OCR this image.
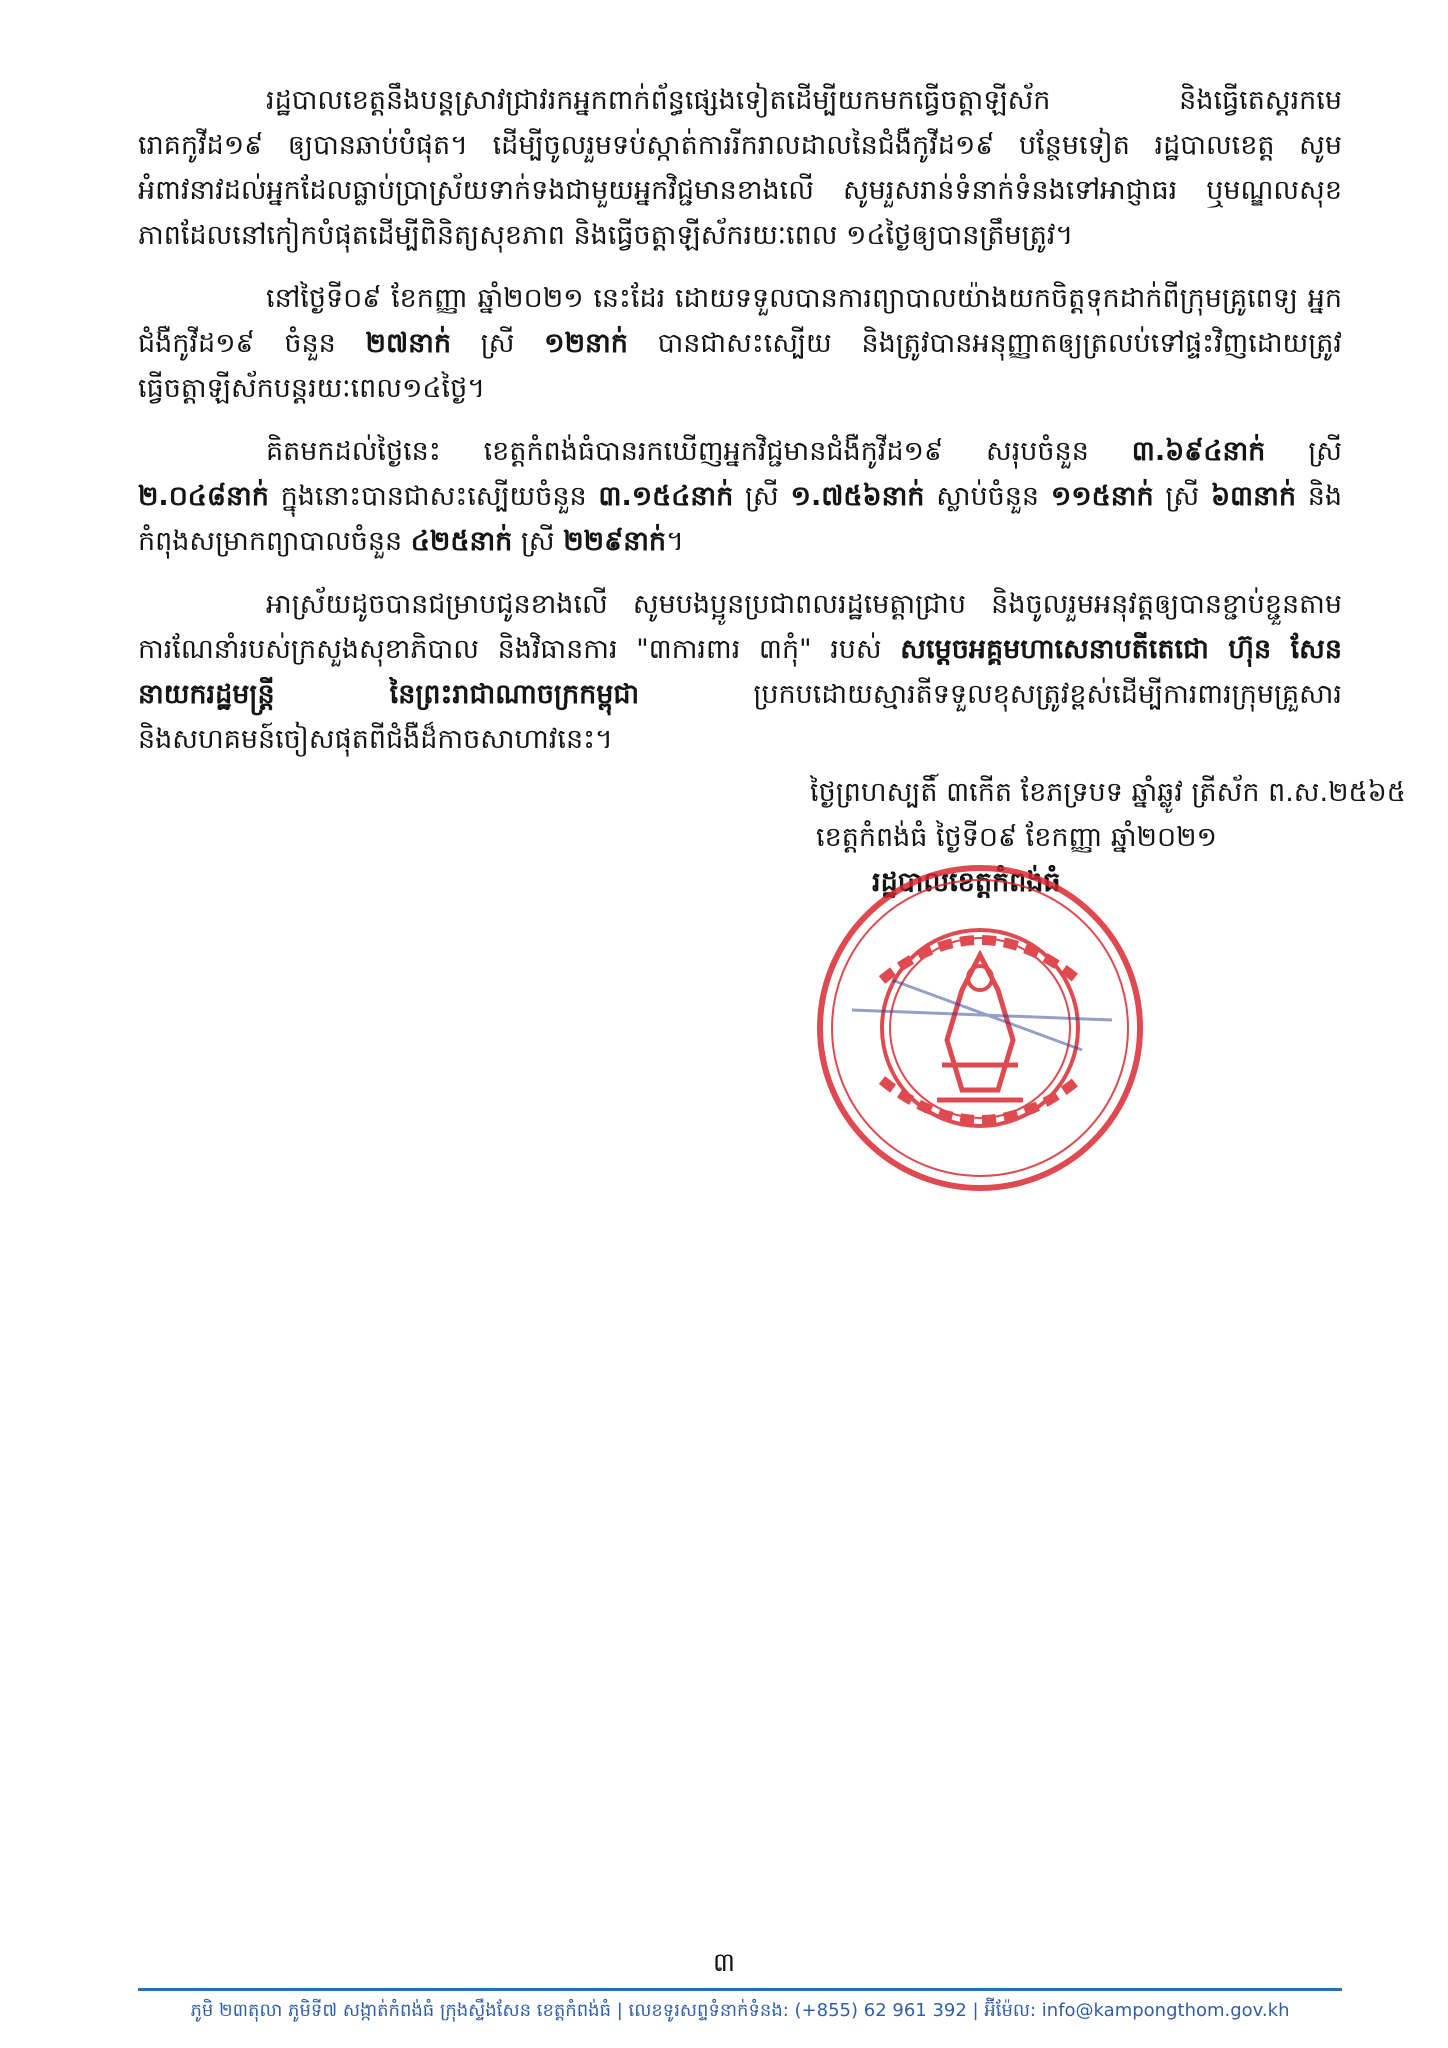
រដ្ឋបាលខេត្តនឹងបន្តស្រាវជ្រាវរកអ្នកពាក់ព័ន្ធផ្សេងទៀតដើម្បីយកមកធ្វើចត្តាឡីស័ក និងធ្វើតេស្តរកមេរោគកូវីដ១៩ ឲ្យបានឆាប់បំផុត។ ដើម្បីចូលរួមទប់ស្កាត់ការរីករាលដាលនៃជំងឺកូវីដ១៩ បន្ថែមទៀត រដ្ឋបាលខេត្ត សូមអំពាវនាវដល់អ្នកដែលធ្លាប់ប្រាស្រ័យទាក់ទងជាមួយអ្នកវិជ្ជមានខាងលើ សូមរួសរាន់ទំនាក់ទំនងទៅអាជ្ញាធរ ឬមណ្ឌលសុខភាពដែលនៅកៀកបំផុតដើម្បីពិនិត្យសុខភាព និងធ្វើចត្តាឡីស័ករយៈពេល ១៤ថ្ងៃឲ្យបានត្រឹមត្រូវ។

នៅថ្ងៃទី០៩ ខែកញ្ញា ឆ្នាំ២០២១ នេះដែរ ដោយទទួលបានការព្យាបាលយ៉ាងយកចិត្តទុកដាក់ពីក្រុមគ្រូពេទ្យ អ្នកជំងឺកូវីដ១៩ ចំនួន ២៧នាក់ ស្រី ១២នាក់ បានជាសះស្បើយ និងត្រូវបានអនុញ្ញាតឲ្យត្រលប់ទៅផ្ទះវិញដោយត្រូវធ្វើចត្តាឡីស័កបន្តរយៈពេល១៤ថ្ងៃ។

គិតមកដល់ថ្ងៃនេះ ខេត្តកំពង់ធំបានរកឃើញអ្នកវិជ្ជមានជំងឺកូវីដ១៩ សរុបចំនួន ៣.៦៩៤នាក់ ស្រី ២.០៤៨នាក់ ក្នុងនោះបានជាសះស្បើយចំនួន ៣.១៥៤នាក់ ស្រី ១.៧៥៦នាក់ ស្លាប់ចំនួន ១១៥នាក់ ស្រី ៦៣នាក់ និងកំពុងសម្រាកព្យាបាលចំនួន ៤២៥នាក់ ស្រី ២២៩នាក់។

អាស្រ័យដូចបានជម្រាបជូនខាងលើ សូមបងប្អូនប្រជាពលរដ្ឋមេត្តាជ្រាប និងចូលរួមអនុវត្តឲ្យបានខ្ជាប់ខ្ជួនតាមការណែនាំរបស់ក្រសួងសុខាភិបាល និងវិធានការ "៣ការពារ ៣កុំ" របស់ សម្តេចអគ្គមហាសេនាបតីតេជោ ហ៊ុន សែន នាយករដ្ឋមន្ត្រី នៃព្រះរាជាណាចក្រកម្ពុជា ប្រកបដោយស្មារតីទទួលខុសត្រូវខ្ពស់ដើម្បីការពារក្រុមគ្រួសារ និងសហគមន៍ចៀសផុតពីជំងឺដ៏កាចសាហាវនេះ។

ថ្ងៃព្រហស្បតិ៍ ៣កើត ខែភទ្របទ ឆ្នាំឆ្លូវ ត្រីស័ក ព.ស.២៥៦៥
ខេត្តកំពង់ធំ ថ្ងៃទី០៩ ខែកញ្ញា ឆ្នាំ២០២១
រដ្ឋបាលខេត្តកំពង់ធំ
៣
ភូមិ ២៣តុលា ភូមិទី៧ សង្កាត់កំពង់ធំ ក្រុងស្ទឹងសែន ខេត្តកំពង់ធំ | លេខទូរសព្ទទំនាក់ទំនង: (+855) 62 961 392 | អ៊ីម៉ែល: info@kampongthom.gov.kh
